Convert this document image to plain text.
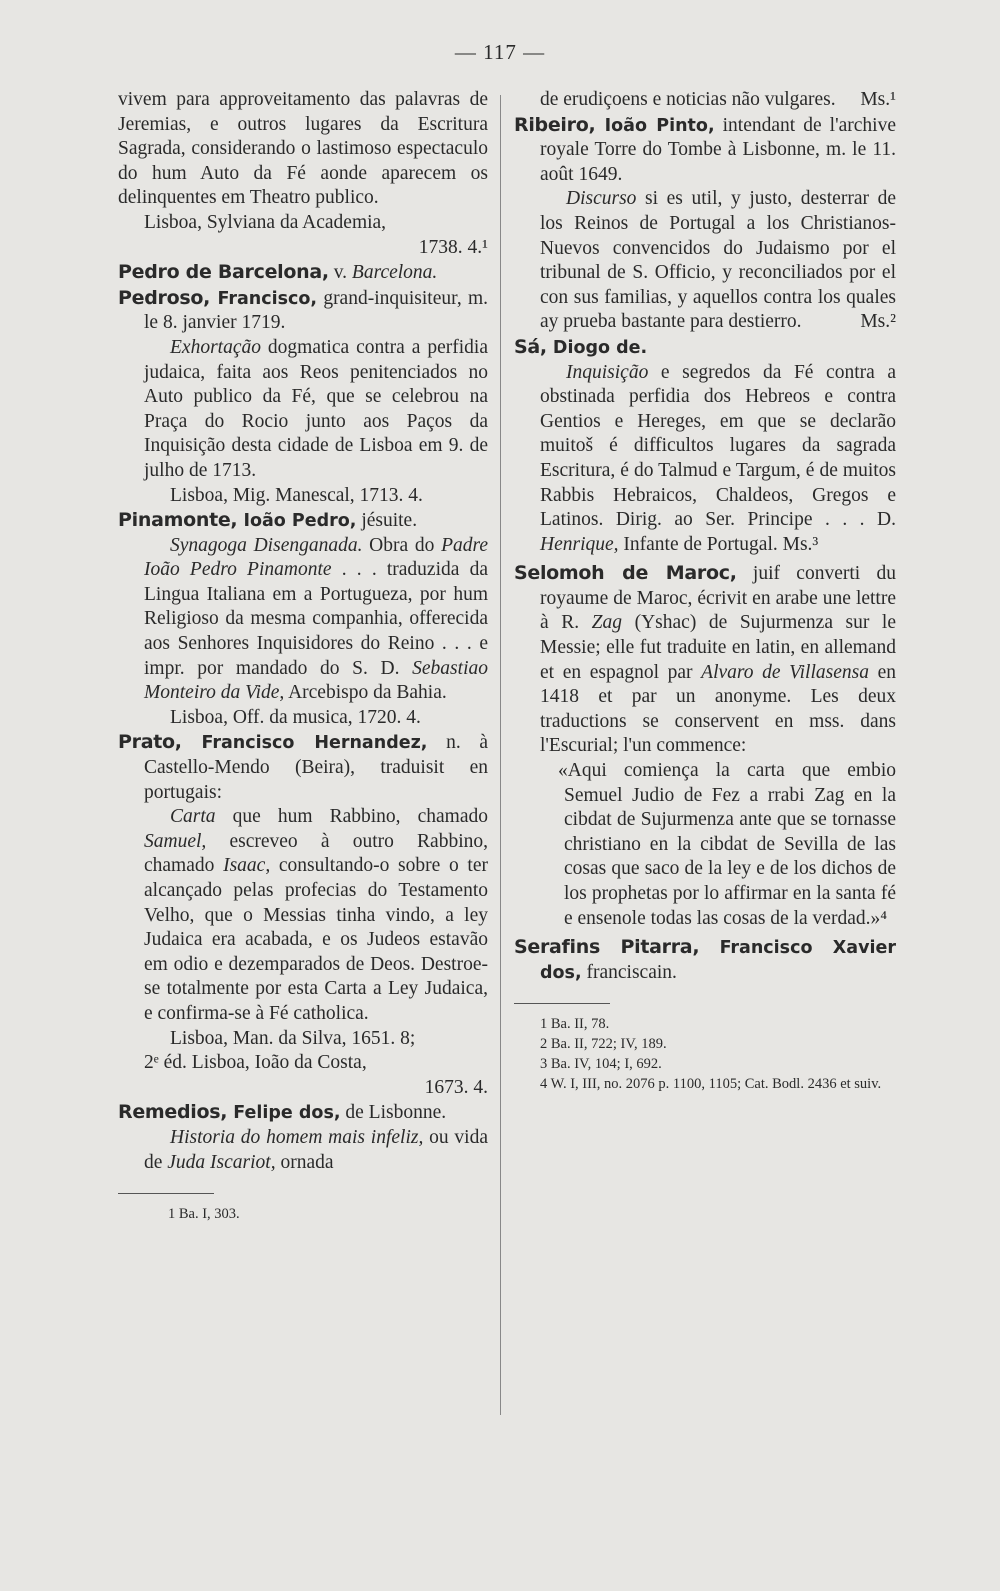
— 117 —

vivem para approveitamento das palavras de Jeremias, e outros lugares da Escritura Sagrada, considerando o lastimoso espectaculo do hum Auto da Fé aonde aparecem os delinquentes em Theatro publico.

Lisboa, Sylviana da Academia,

1738. 4.¹

Pedro de Barcelona, v. Barcelona.

Pedroso, Francisco, grand-inquisiteur, m. le 8. janvier 1719.

Exhortação dogmatica contra a perfidia judaica, faita aos Reos penitenciados no Auto publico da Fé, que se celebrou na Praça do Rocio junto aos Paços da Inquisição desta cidade de Lisboa em 9. de julho de 1713.

Lisboa, Mig. Manescal, 1713. 4.

Pinamonte, Ioão Pedro, jésuite.

Synagoga Disenganada. Obra do Padre Ioão Pedro Pinamonte . . . traduzida da Lingua Italiana em a Portugueza, por hum Religioso da mesma companhia, offerecida aos Senhores Inquisidores do Reino . . . e impr. por mandado do S. D. Sebastiao Monteiro da Vide, Arcebispo da Bahia.

Lisboa, Off. da musica, 1720. 4.

Prato, Francisco Hernandez, n. à Castello-Mendo (Beira), traduisit en portugais:

Carta que hum Rabbino, chamado Samuel, escreveo à outro Rabbino, chamado Isaac, consultando-o sobre o ter alcançado pelas profecias do Testamento Velho, que o Messias tinha vindo, a ley Judaica era acabada, e os Judeos estavão em odio e dezemparados de Deos. Destroe-se totalmente por esta Carta a Ley Judaica, e confirma-se à Fé catholica.

Lisboa, Man. da Silva, 1651. 8;

2ᵉ éd. Lisboa, Ioão da Costa,

1673. 4.

Remedios, Felipe dos, de Lisbonne.

Historia do homem mais infeliz, ou vida de Juda Iscariot, ornada

1 Ba. I, 303.

de erudiçoens e noticias não vulgares. Ms.¹

Ribeiro, Ioão Pinto, intendant de l'archive royale Torre do Tombe à Lisbonne, m. le 11. août 1649.

Discurso si es util, y justo, desterrar de los Reinos de Portugal a los Christianos-Nuevos convencidos do Judaismo por el tribunal de S. Officio, y reconciliados por el con sus familias, y aquellos contra los quales ay prueba bastante para destierro.	Ms.²

Sá, Diogo de.

Inquisição e segredos da Fé contra a obstinada perfidia dos Hebreos e contra Gentios e Hereges, em que se declarão muitoš é difficultos lugares da sagrada Escritura, é do Talmud e Targum, é de muitos Rabbis Hebraicos, Chaldeos, Gregos e Latinos. Dirig. ao Ser. Principe . . . D. Henrique, Infante de Portugal. Ms.³

Selomoh de Maroc, juif converti du royaume de Maroc, écrivit en arabe une lettre à R. Zag (Yshac) de Sujurmenza sur le Messie; elle fut traduite en latin, en allemand et en espagnol par Alvaro de Villasensa en 1418 et par un anonyme. Les deux traductions se conservent en mss. dans l'Escurial; l'un commence:

«Aqui comiença la carta que embio Semuel Judio de Fez a rrabi Zag en la cibdat de Sujurmenza ante que se tornasse christiano en la cibdat de Sevilla de las cosas que saco de la ley e de los dichos de los prophetas por lo affirmar en la santa fé e ensenole todas las cosas de la verdad.»⁴

Serafins Pitarra, Francisco Xavier dos, franciscain.

1 Ba. II, 78.

2 Ba. II, 722; IV, 189.

3 Ba. IV, 104; I, 692.

4 W. I, III, no. 2076 p. 1100, 1105; Cat. Bodl. 2436 et suiv.
